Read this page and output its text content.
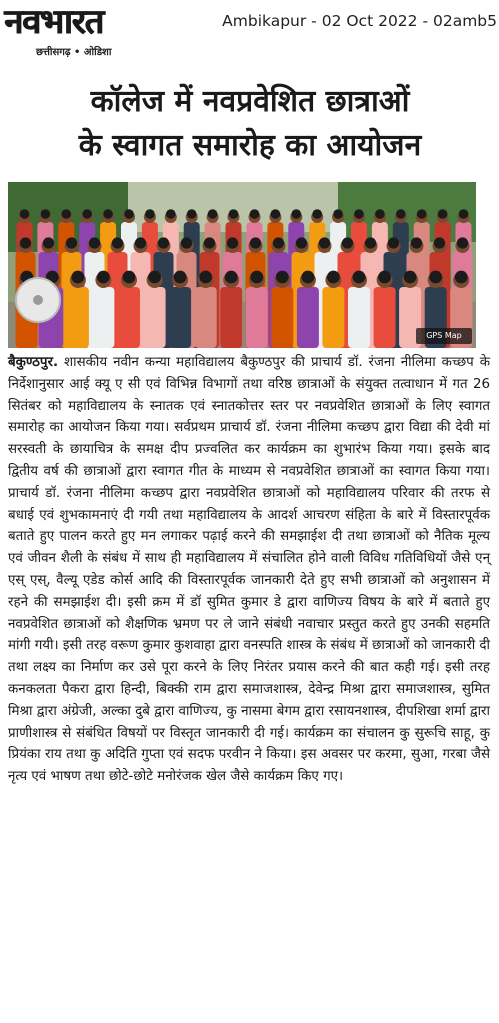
नवभारत
छत्तीसगढ़ • ओडिशा
Ambikapur - 02 Oct 2022 - 02amb5
कॉलेज में नवप्रवेशित छात्राओं
के स्वागत समारोह का आयोजन
GPS Map
बैकुण्ठपुर. शासकीय नवीन कन्या महाविद्यालय बैकुण्ठपुर की प्राचार्य डॉ. रंजना नीलिमा कच्छप के निर्देशानुसार आई क्यू ए सी एवं विभिन्न विभागों तथा वरिष्ठ छात्राओं के संयुक्त तत्वाधान में गत 26 सितंबर को महाविद्यालय के स्नातक एवं स्नातकोत्तर स्तर पर नवप्रवेशित छात्राओं के लिए स्वागत समारोह का आयोजन किया गया। सर्वप्रथम प्राचार्य डॉ. रंजना नीलिमा कच्छप द्वारा विद्या की देवी मां सरस्वती के छायाचित्र के समक्ष दीप प्रज्वलित कर कार्यक्रम का शुभारंभ किया गया। इसके बाद द्वितीय वर्ष की छात्राओं द्वारा स्वागत गीत के माध्यम से नवप्रवेशित छात्राओं का स्वागत किया गया। प्राचार्य डॉ. रंजना नीलिमा कच्छप द्वारा नवप्रवेशित छात्राओं को महाविद्यालय परिवार की तरफ से बधाई एवं शुभकामनाएं दी गयी तथा महाविद्यालय के आदर्श आचरण संहिता के बारे में विस्तारपूर्वक बताते हुए पालन करते हुए मन लगाकर पढ़ाई करने की समझाईश दी तथा छात्राओं को नैतिक मूल्य एवं जीवन शैली के संबंध में साथ ही महाविद्यालय में संचालित होने वाली विविध गतिविधियों जैसे एन् एस् एस्, वैल्यू एडेड कोर्स आदि की विस्तारपूर्वक जानकारी देते हुए सभी छात्राओं को अनुशासन में रहने की समझाईश दी। इसी क्रम में डॉ सुमित कुमार डे द्वारा वाणिज्य विषय के बारे में बताते हुए नवप्रवेशित छात्राओं को शैक्षणिक भ्रमण पर ले जाने संबंधी नवाचार प्रस्तुत करते हुए उनकी सहमति मांगी गयी। इसी तरह वरूण कुमार कुशवाहा द्वारा वनस्पति शास्त्र के संबंध में छात्राओं को जानकारी दी तथा लक्ष्य का निर्माण कर उसे पूरा करने के लिए निरंतर प्रयास करने की बात कही गई। इसी तरह कनकलता पैकरा द्वारा हिन्दी, बिक्की राम द्वारा समाजशास्त्र, देवेन्द्र मिश्रा द्वारा समाजशास्त्र, सुमित मिश्रा द्वारा अंग्रेजी, अल्का दुबे द्वारा वाणिज्य, कु नासमा बेगम द्वारा रसायनशास्त्र, दीपशिखा शर्मा द्वारा प्राणीशास्त्र से संबंधित विषयों पर विस्तृत जानकारी दी गई। कार्यक्रम का संचालन कु सुरूचि साहू, कु प्रियंका राय तथा कु अदिति गुप्ता एवं सदफ परवीन ने किया। इस अवसर पर करमा, सुआ, गरबा जैसे नृत्य एवं भाषण तथा छोटे-छोटे मनोरंजक खेल जैसे कार्यक्रम किए गए।
